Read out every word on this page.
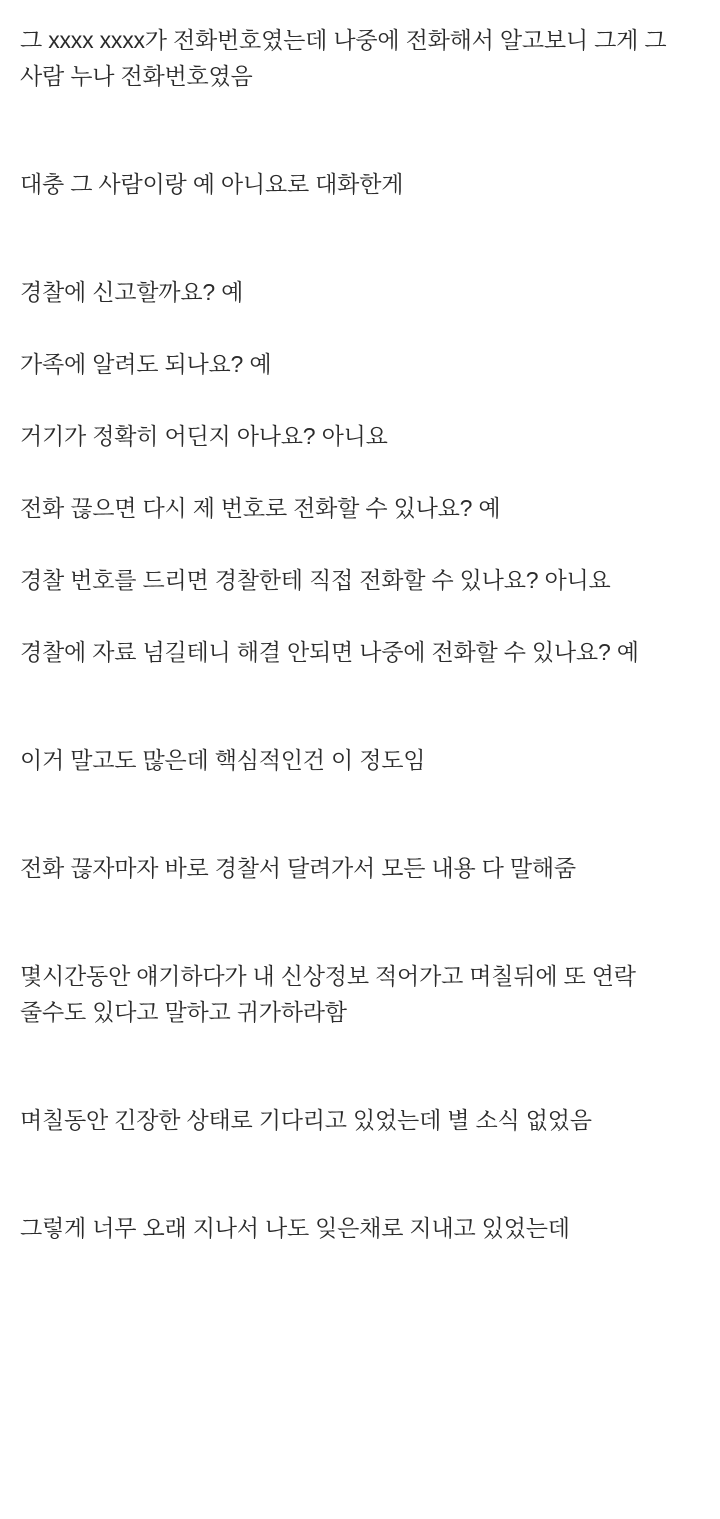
그 xxxx xxxx가 전화번호였는데 나중에 전화해서 알고보니 그게 그 사람 누나 전화번호였음

대충 그 사람이랑 예 아니요로 대화한게

경찰에 신고할까요? 예

가족에 알려도 되나요? 예

거기가 정확히 어딘지 아나요? 아니요

전화 끊으면 다시 제 번호로 전화할 수 있나요? 예

경찰 번호를 드리면 경찰한테 직접 전화할 수 있나요? 아니요

경찰에 자료 넘길테니 해결 안되면 나중에 전화할 수 있나요? 예

이거 말고도 많은데 핵심적인건 이 정도임

전화 끊자마자 바로 경찰서 달려가서 모든 내용 다 말해줌

몇시간동안 얘기하다가 내 신상정보 적어가고 며칠뒤에 또 연락 줄수도 있다고 말하고 귀가하라함

며칠동안 긴장한 상태로 기다리고 있었는데 별 소식 없었음

그렇게 너무 오래 지나서 나도 잊은채로 지내고 있었는데
